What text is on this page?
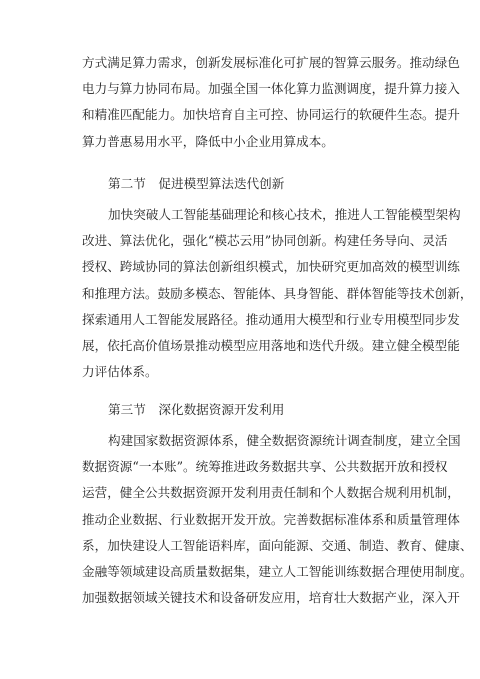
方式满足算力需求，创新发展标准化可扩展的智算云服务。推动绿色
电力与算力协同布局。加强全国一体化算力监测调度，提升算力接入
和精准匹配能力。加快培育自主可控、协同运行的软硬件生态。提升
算力普惠易用水平，降低中小企业用算成本。
第二节　促进模型算法迭代创新
加快突破人工智能基础理论和核心技术，推进人工智能模型架构
改进、算法优化，强化“模芯云用”协同创新。构建任务导向、灵活
授权、跨域协同的算法创新组织模式，加快研究更加高效的模型训练
和推理方法。鼓励多模态、智能体、具身智能、群体智能等技术创新，
探索通用人工智能发展路径。推动通用大模型和行业专用模型同步发
展，依托高价值场景推动模型应用落地和迭代升级。建立健全模型能
力评估体系。
第三节　深化数据资源开发利用
构建国家数据资源体系，健全数据资源统计调查制度，建立全国
数据资源“一本账”。统筹推进政务数据共享、公共数据开放和授权
运营，健全公共数据资源开发利用责任制和个人数据合规利用机制，
推动企业数据、行业数据开发开放。完善数据标准体系和质量管理体
系，加快建设人工智能语料库，面向能源、交通、制造、教育、健康、
金融等领域建设高质量数据集，建立人工智能训练数据合理使用制度。
加强数据领域关键技术和设备研发应用，培育壮大数据产业，深入开
